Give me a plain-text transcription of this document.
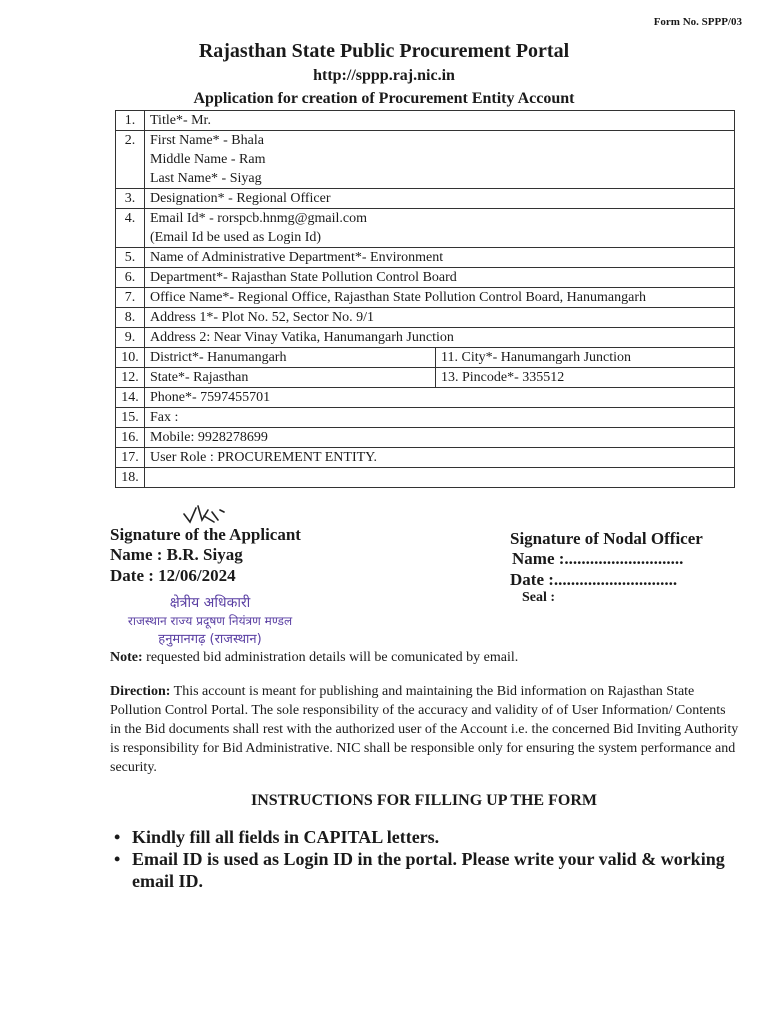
Form No. SPPP/03
Rajasthan State Public Procurement Portal
http://sppp.raj.nic.in
Application for creation of Procurement Entity Account
1.	Title*- Mr.	
2.	First Name* - Bhala
Middle Name - Ram
Last Name* - Siyag	

3.	Designation* - Regional Officer	
4.	Email Id* - rorspcb.hnmg@gmail.com
(Email Id be used as Login Id)	

5.	Name of Administrative Department*- Environment	
6.	Department*- Rajasthan State Pollution Control Board	
7.	Office Name*- Regional Office, Rajasthan State Pollution Control Board, Hanumangarh	
8.	Address 1*- Plot No. 52, Sector No. 9/1	
9.	Address 2: Near Vinay Vatika, Hanumangarh Junction	
10.	District*- Hanumangarh	11. City*- Hanumangarh Junction
12.	State*- Rajasthan	13. Pincode*- 335512
14.	Phone*- 7597455701	
15.	Fax :	
16.	Mobile: 9928278699	
17.	User Role : PROCUREMENT ENTITY.	
18.		
Signature of the Applicant
Name : B.R. Siyag
Date : 12/06/2024
क्षेत्रीय अधिकारी
राजस्थान राज्य प्रदूषण नियंत्रण मण्डल
हनुमानगढ़ (राजस्थान)
Signature of Nodal Officer
Name :............................
Date :.............................
Seal :
Note: requested bid administration details will be comunicated by email.
Direction: This account is meant for publishing and maintaining the Bid information on Rajasthan State Pollution Control Portal. The sole responsibility of the accuracy and validity of of User Information/ Contents in the Bid documents shall rest with the authorized user of the Account i.e. the concerned Bid Inviting Authority is responsibility for Bid Administrative. NIC shall be responsible only for ensuring the system performance and security.
INSTRUCTIONS FOR FILLING UP THE FORM
• Kindly fill all fields in CAPITAL letters.
• Email ID is used as Login ID in the portal. Please write your valid & working email ID.
